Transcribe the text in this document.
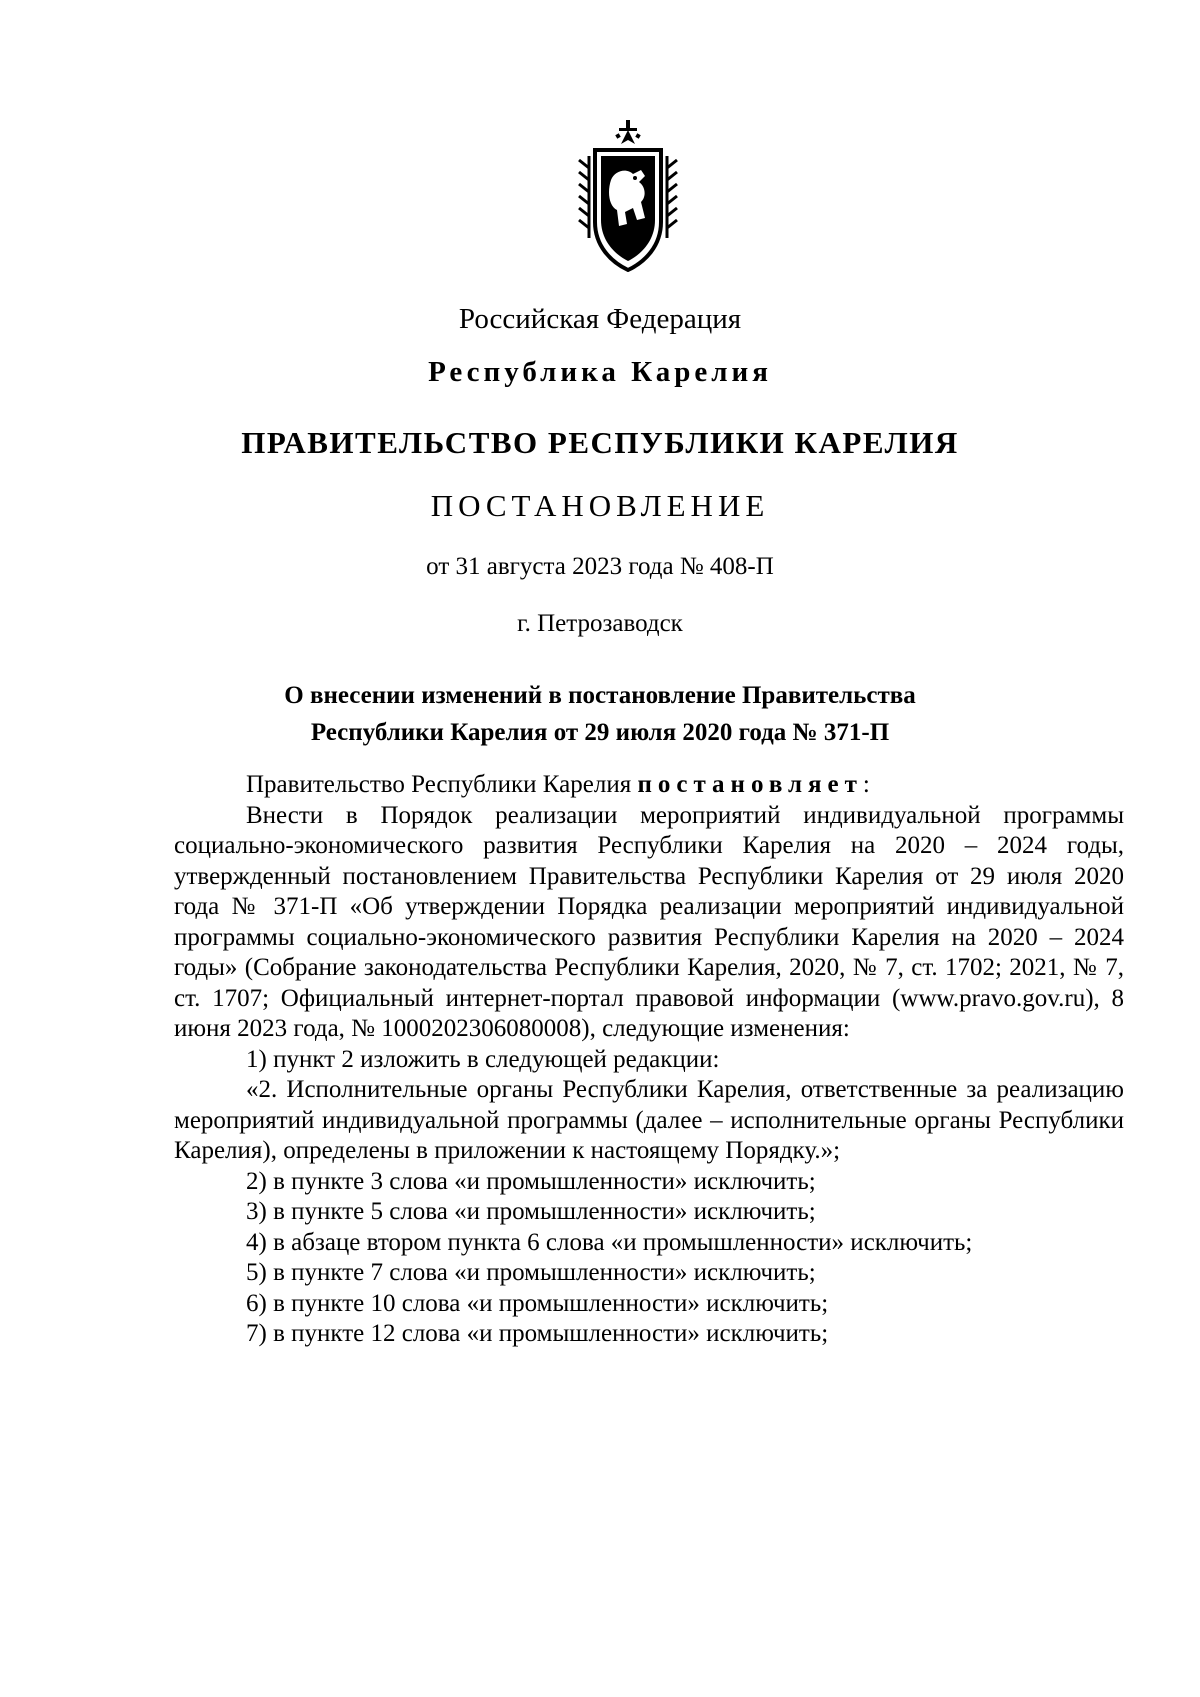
Российская Федерация
Республика Карелия
ПРАВИТЕЛЬСТВО РЕСПУБЛИКИ КАРЕЛИЯ
ПОСТАНОВЛЕНИЕ
от 31 августа 2023 года № 408-П
г. Петрозаводск
О внесении изменений в постановление Правительства
Республики Карелия от 29 июля 2020 года № 371-П

Правительство Республики Карелия постановляет:

Внести в Порядок реализации мероприятий индивидуальной программы социально-экономического развития Республики Карелия на 2020 – 2024 годы, утвержденный постановлением Правительства Республики Карелия от 29 июля 2020 года № 371-П «Об утверждении Порядка реализации мероприятий индивидуальной программы социально-экономического развития Республики Карелия на 2020 – 2024 годы» (Собрание законодательства Республики Карелия, 2020, № 7, ст. 1702; 2021, № 7, ст. 1707; Официальный интернет-портал правовой информации (www.pravo.gov.ru), 8 июня 2023 года, № 1000202306080008), следующие изменения:

1) пункт 2 изложить в следующей редакции:

«2. Исполнительные органы Республики Карелия, ответственные за реализацию мероприятий индивидуальной программы (далее – исполнительные органы Республики Карелия), определены в приложении к настоящему Порядку.»;

2) в пункте 3 слова «и промышленности» исключить;

3) в пункте 5 слова «и промышленности» исключить;

4) в абзаце втором пункта 6 слова «и промышленности» исключить;

5) в пункте 7 слова «и промышленности» исключить;

6) в пункте 10 слова «и промышленности» исключить;

7) в пункте 12 слова «и промышленности» исключить;
